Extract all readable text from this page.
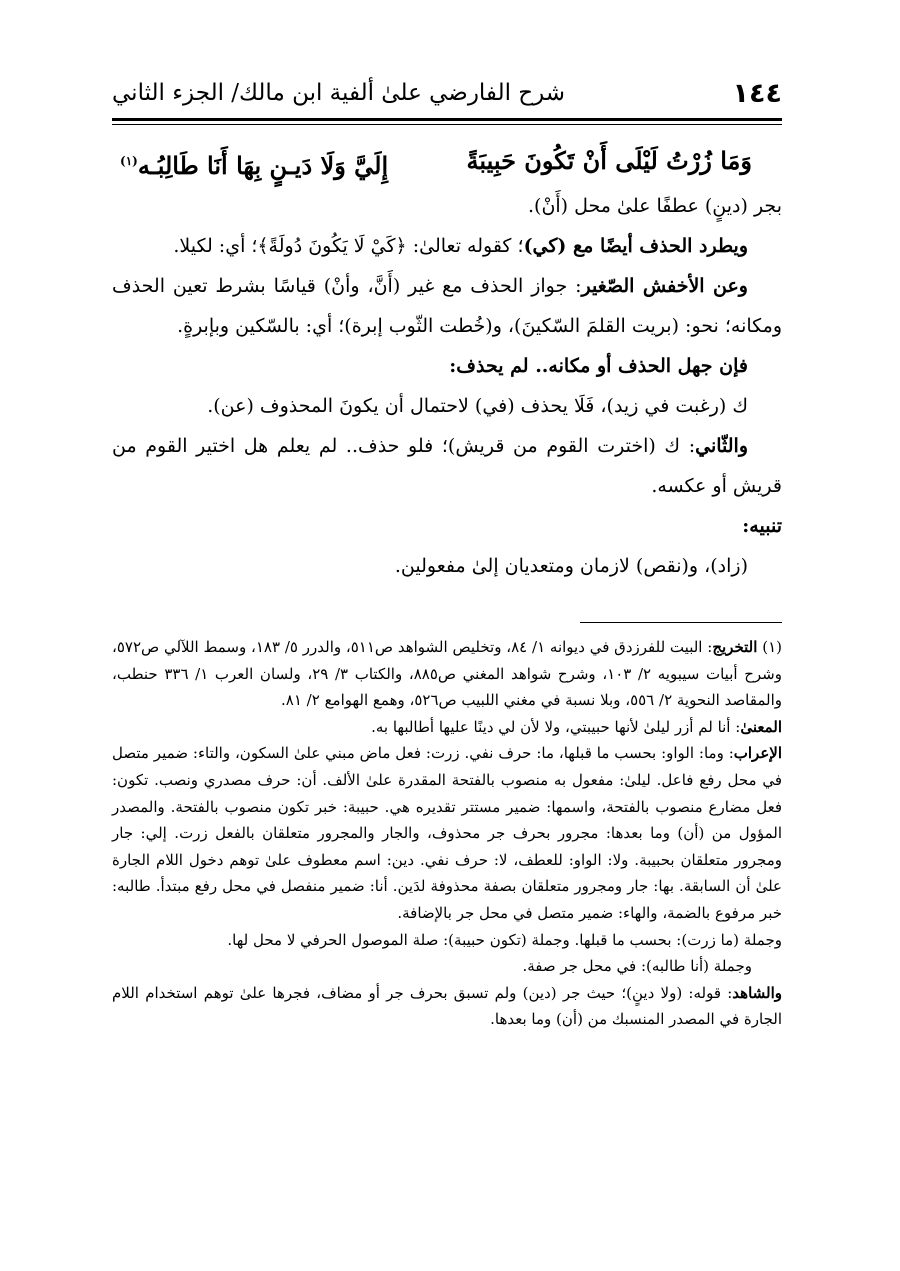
١٤٤
شرح الفارضي علىٰ ألفية ابن مالك/ الجزء الثاني
وَمَا زُرْتُ لَيْلَى أَنْ تَكُونَ حَبِيبَةً
إِلَيَّ وَلَا دَيـنٍ بِهَا أَنَا طَالِبُـه$^{(١)}$

بجر (دينٍ) عطفًا علىٰ محل (أَنْ).

ويطرد الحذف أيضًا مع (كي)؛ كقوله تعالىٰ: ﴿كَيْ لَا يَكُونَ دُولَةً﴾؛ أي: لكيلا.

وعن الأخفش الصّغير: جواز الحذف مع غير (أَنَّ، وأنْ) قياسًا بشرط تعين الحذف ومكانه؛ نحو: (بريت القلمَ السّكينَ)، و(خُطت الثّوب إبرة)؛ أي: بالسّكين وبإبرةٍ.

فإن جهل الحذف أو مكانه.. لم يحذف:

ك (رغبت في زيد)، فَلَا يحذف (في) لاحتمال أن يكونَ المحذوف (عن).

والثّاني: ك (اخترت القوم من قريش)؛ فلو حذف.. لم يعلم هل اختير القوم من قريش أو عكسه.

تنبيه:

(زاد)، و(نقص) لازمان ومتعديان إلىٰ مفعولين.

(١) التخريج: البيت للفرزدق في ديوانه ١/ ٨٤، وتخليص الشواهد ص٥١١، والدرر ٥/ ١٨٣، وسمط اللآلي ص٥٧٢، وشرح أبيات سيبويه ٢/ ١٠٣، وشرح شواهد المغني ص٨٨٥، والكتاب ٣/ ٢٩، ولسان العرب ١/ ٣٣٦ حنطب، والمقاصد النحوية ٢/ ٥٥٦، وبلا نسبة في مغني اللبيب ص٥٢٦، وهمع الهوامع ٢/ ٨١.

المعنىٰ: أنا لم أزر ليلىٰ لأنها حبيبتي، ولا لأن لي دينًا عليها أطالبها به.

الإعراب: وما: الواو: بحسب ما قبلها، ما: حرف نفي. زرت: فعل ماض مبني علىٰ السكون، والتاء: ضمير متصل في محل رفع فاعل. ليلىٰ: مفعول به منصوب بالفتحة المقدرة علىٰ الألف. أن: حرف مصدري ونصب. تكون: فعل مضارع منصوب بالفتحة، واسمها: ضمير مستتر تقديره هي. حبيبة: خبر تكون منصوب بالفتحة. والمصدر المؤول من (أن) وما بعدها: مجرور بحرف جر محذوف، والجار والمجرور متعلقان بالفعل زرت. إلي: جار ومجرور متعلقان بحبيبة. ولا: الواو: للعطف، لا: حرف نفي. دين: اسم معطوف علىٰ توهم دخول اللام الجارة علىٰ أن السابقة. بها: جار ومجرور متعلقان بصفة محذوفة لدَين. أنا: ضمير منفصل في محل رفع مبتدأ. طالبه: خبر مرفوع بالضمة، والهاء: ضمير متصل في محل جر بالإضافة.

وجملة (ما زرت): بحسب ما قبلها. وجملة (تكون حبيبة): صلة الموصول الحرفي لا محل لها.

وجملة (أنا طالبه): في محل جر صفة.

والشاهد: قوله: (ولا دينٍ)؛ حيث جر (دين) ولم تسبق بحرف جر أو مضاف، فجرها علىٰ توهم استخدام اللام الجارة في المصدر المنسبك من (أن) وما بعدها.
